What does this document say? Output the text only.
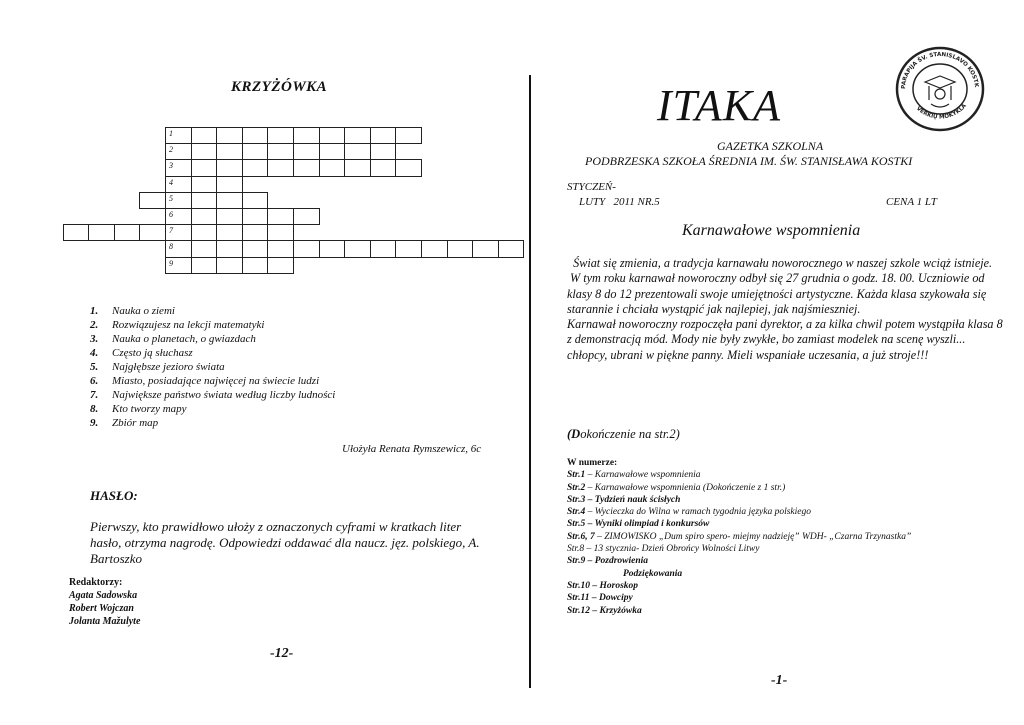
KRZYŻÓWKA
1
2
3
4
5
6
7
8
9
1.	Nauka o ziemi
2.	Rozwiązujesz na lekcji matematyki
3.	Nauka o planetach, o gwiazdach
4.	Często ją słuchasz
5.	Najgłębsze jezioro świata
6.	Miasto, posiadające najwięcej na świecie ludzi
7.	Największe państwo świata według liczby ludności
8.	Kto tworzy mapy
9.	Zbiór map
Ułożyła Renata Rymszewicz, 6c
HASŁO:
Pierwszy, kto prawidłowo ułoży z oznaczonych cyframi w kratkach liter hasło, otrzyma nagrodę. Odpowiedzi oddawać dla naucz. jęz. polskiego, A. Bartoszko
Redaktorzy:
Agata Sadowska
Robert Wojczan
Jolanta Mažulyte
-12-
ITAKA	PARAPIJA ŠV. STANISLAVO KOSTK
VERKIŲ MOKYKLA
GAZETKA SZKOLNA
PODBRZESKA SZKOŁA ŚREDNIA IM. ŚW. STANISŁAWA KOSTKI
STYCZEŃ-
LUTY   2011 NR.5	CENA 1 LT
Karnawałowe wspomnienia
Świat się zmienia, a tradycja karnawału noworocznego w naszej szkole wciąż istnieje.
W tym roku karnawał noworoczny odbył się 27 grudnia o godz. 18. 00. Uczniowie od klasy 8 do 12 prezentowali swoje umiejętności artystyczne. Każda klasa szykowała się starannie i chciała wystąpić jak najlepiej, jak najśmieszniej.
Karnawał noworoczny rozpoczęła pani dyrektor, a za kilka chwil potem wystąpiła klasa 8 z demonstracją mód. Mody nie były zwykłe, bo zamiast modelek na scenę wyszli... chłopcy, ubrani w piękne panny. Mieli wspaniałe uczesania, a już stroje!!!
(Dokończenie na str.2)
W numerze:
Str.1 – Karnawałowe wspomnienia
Str.2 – Karnawałowe wspomnienia (Dokończenie z 1 str.)
Str.3 – Tydzień nauk ścisłych
Str.4 – Wycieczka do Wilna w ramach tygodnia języka polskiego
Str.5 – Wyniki olimpiad i konkursów
Str.6, 7 – ZIMOWISKO „Dum spiro spero- miejmy nadzieję” WDH- „Czarna Trzynastka”
Str.8 – 13 stycznia- Dzień Obrońcy Wolności Litwy
Str.9 – Pozdrowienia
Podziękowania
Str.10 – Horoskop
Str.11 – Dowcipy
Str.12 – Krzyżówka
-1-
